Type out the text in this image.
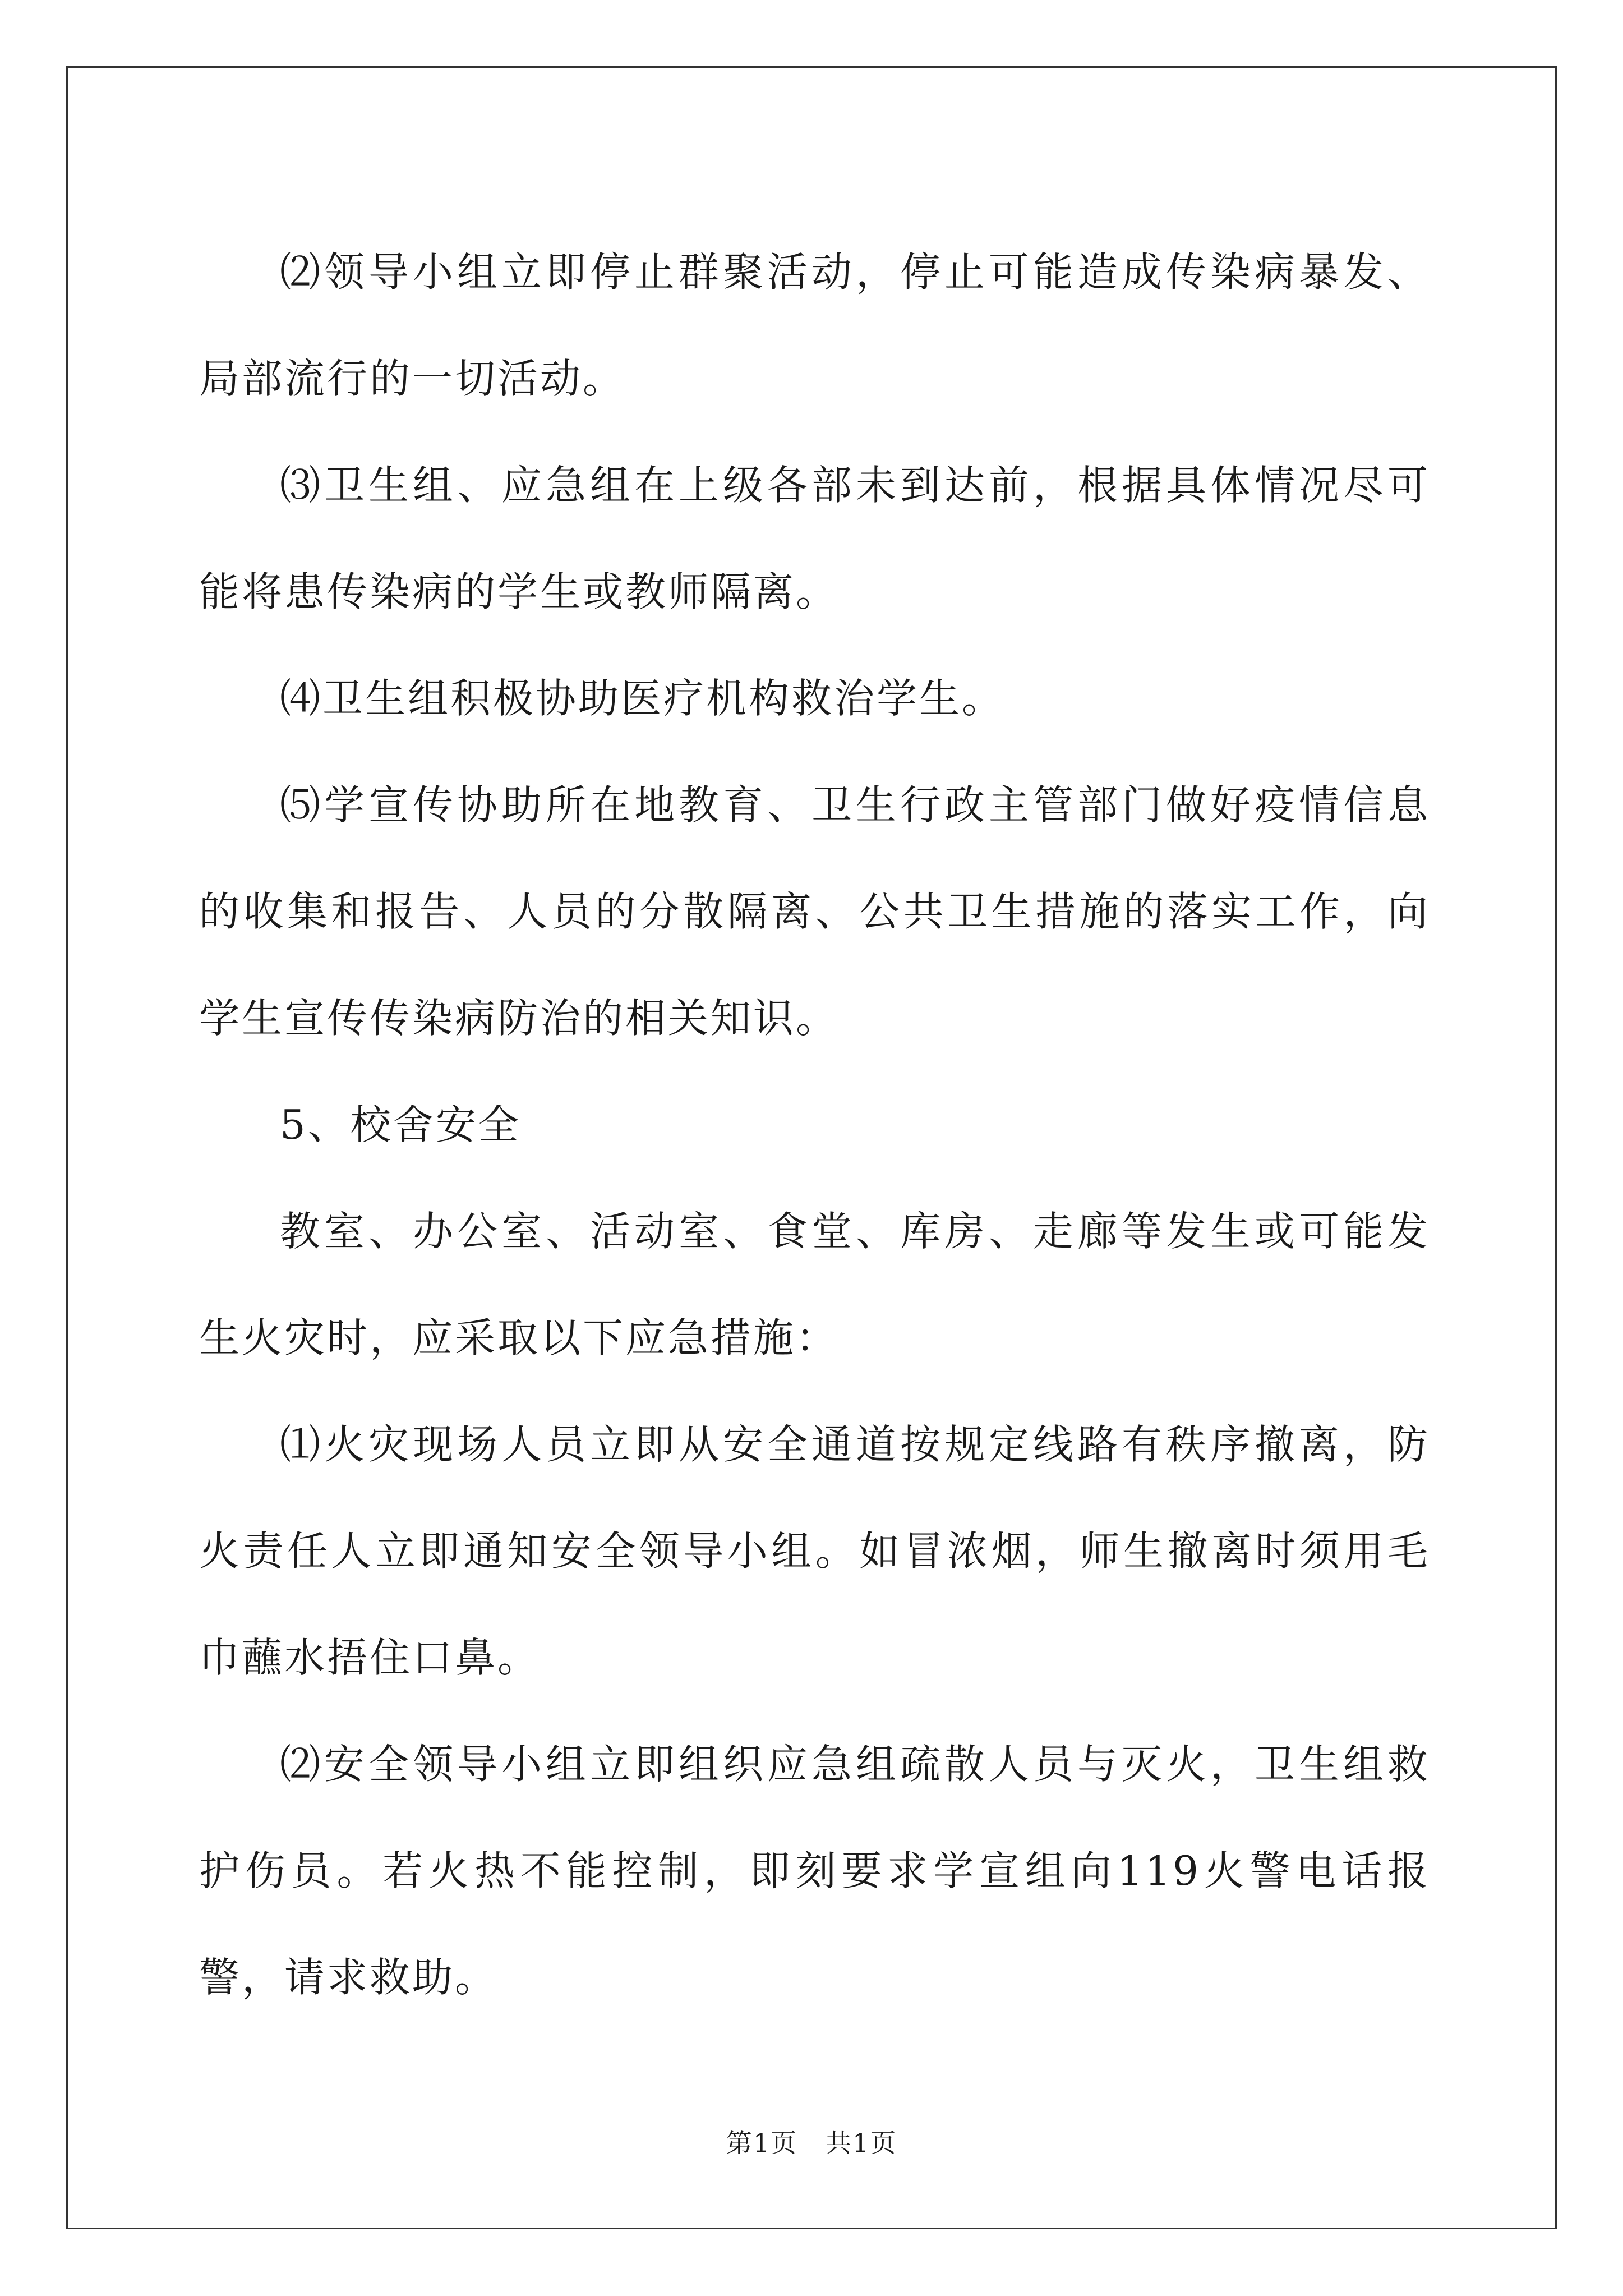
⑵领导小组立即停止群聚活动，停止可能造成传染病暴发、局部流行的一切活动。

⑶卫生组、应急组在上级各部未到达前，根据具体情况尽可能将患传染病的学生或教师隔离。

⑷卫生组积极协助医疗机构救治学生。

⑸学宣传协助所在地教育、卫生行政主管部门做好疫情信息的收集和报告、人员的分散隔离、公共卫生措施的落实工作，向学生宣传传染病防治的相关知识。

5、校舍安全

教室、办公室、活动室、食堂、库房、走廊等发生或可能发生火灾时，应采取以下应急措施：

⑴火灾现场人员立即从安全通道按规定线路有秩序撤离，防火责任人立即通知安全领导小组。如冒浓烟，师生撤离时须用毛巾蘸水捂住口鼻。

⑵安全领导小组立即组织应急组疏散人员与灭火，卫生组救护伤员。若火热不能控制，即刻要求学宣组向119火警电话报警，请求救助。

第1页 共1页
